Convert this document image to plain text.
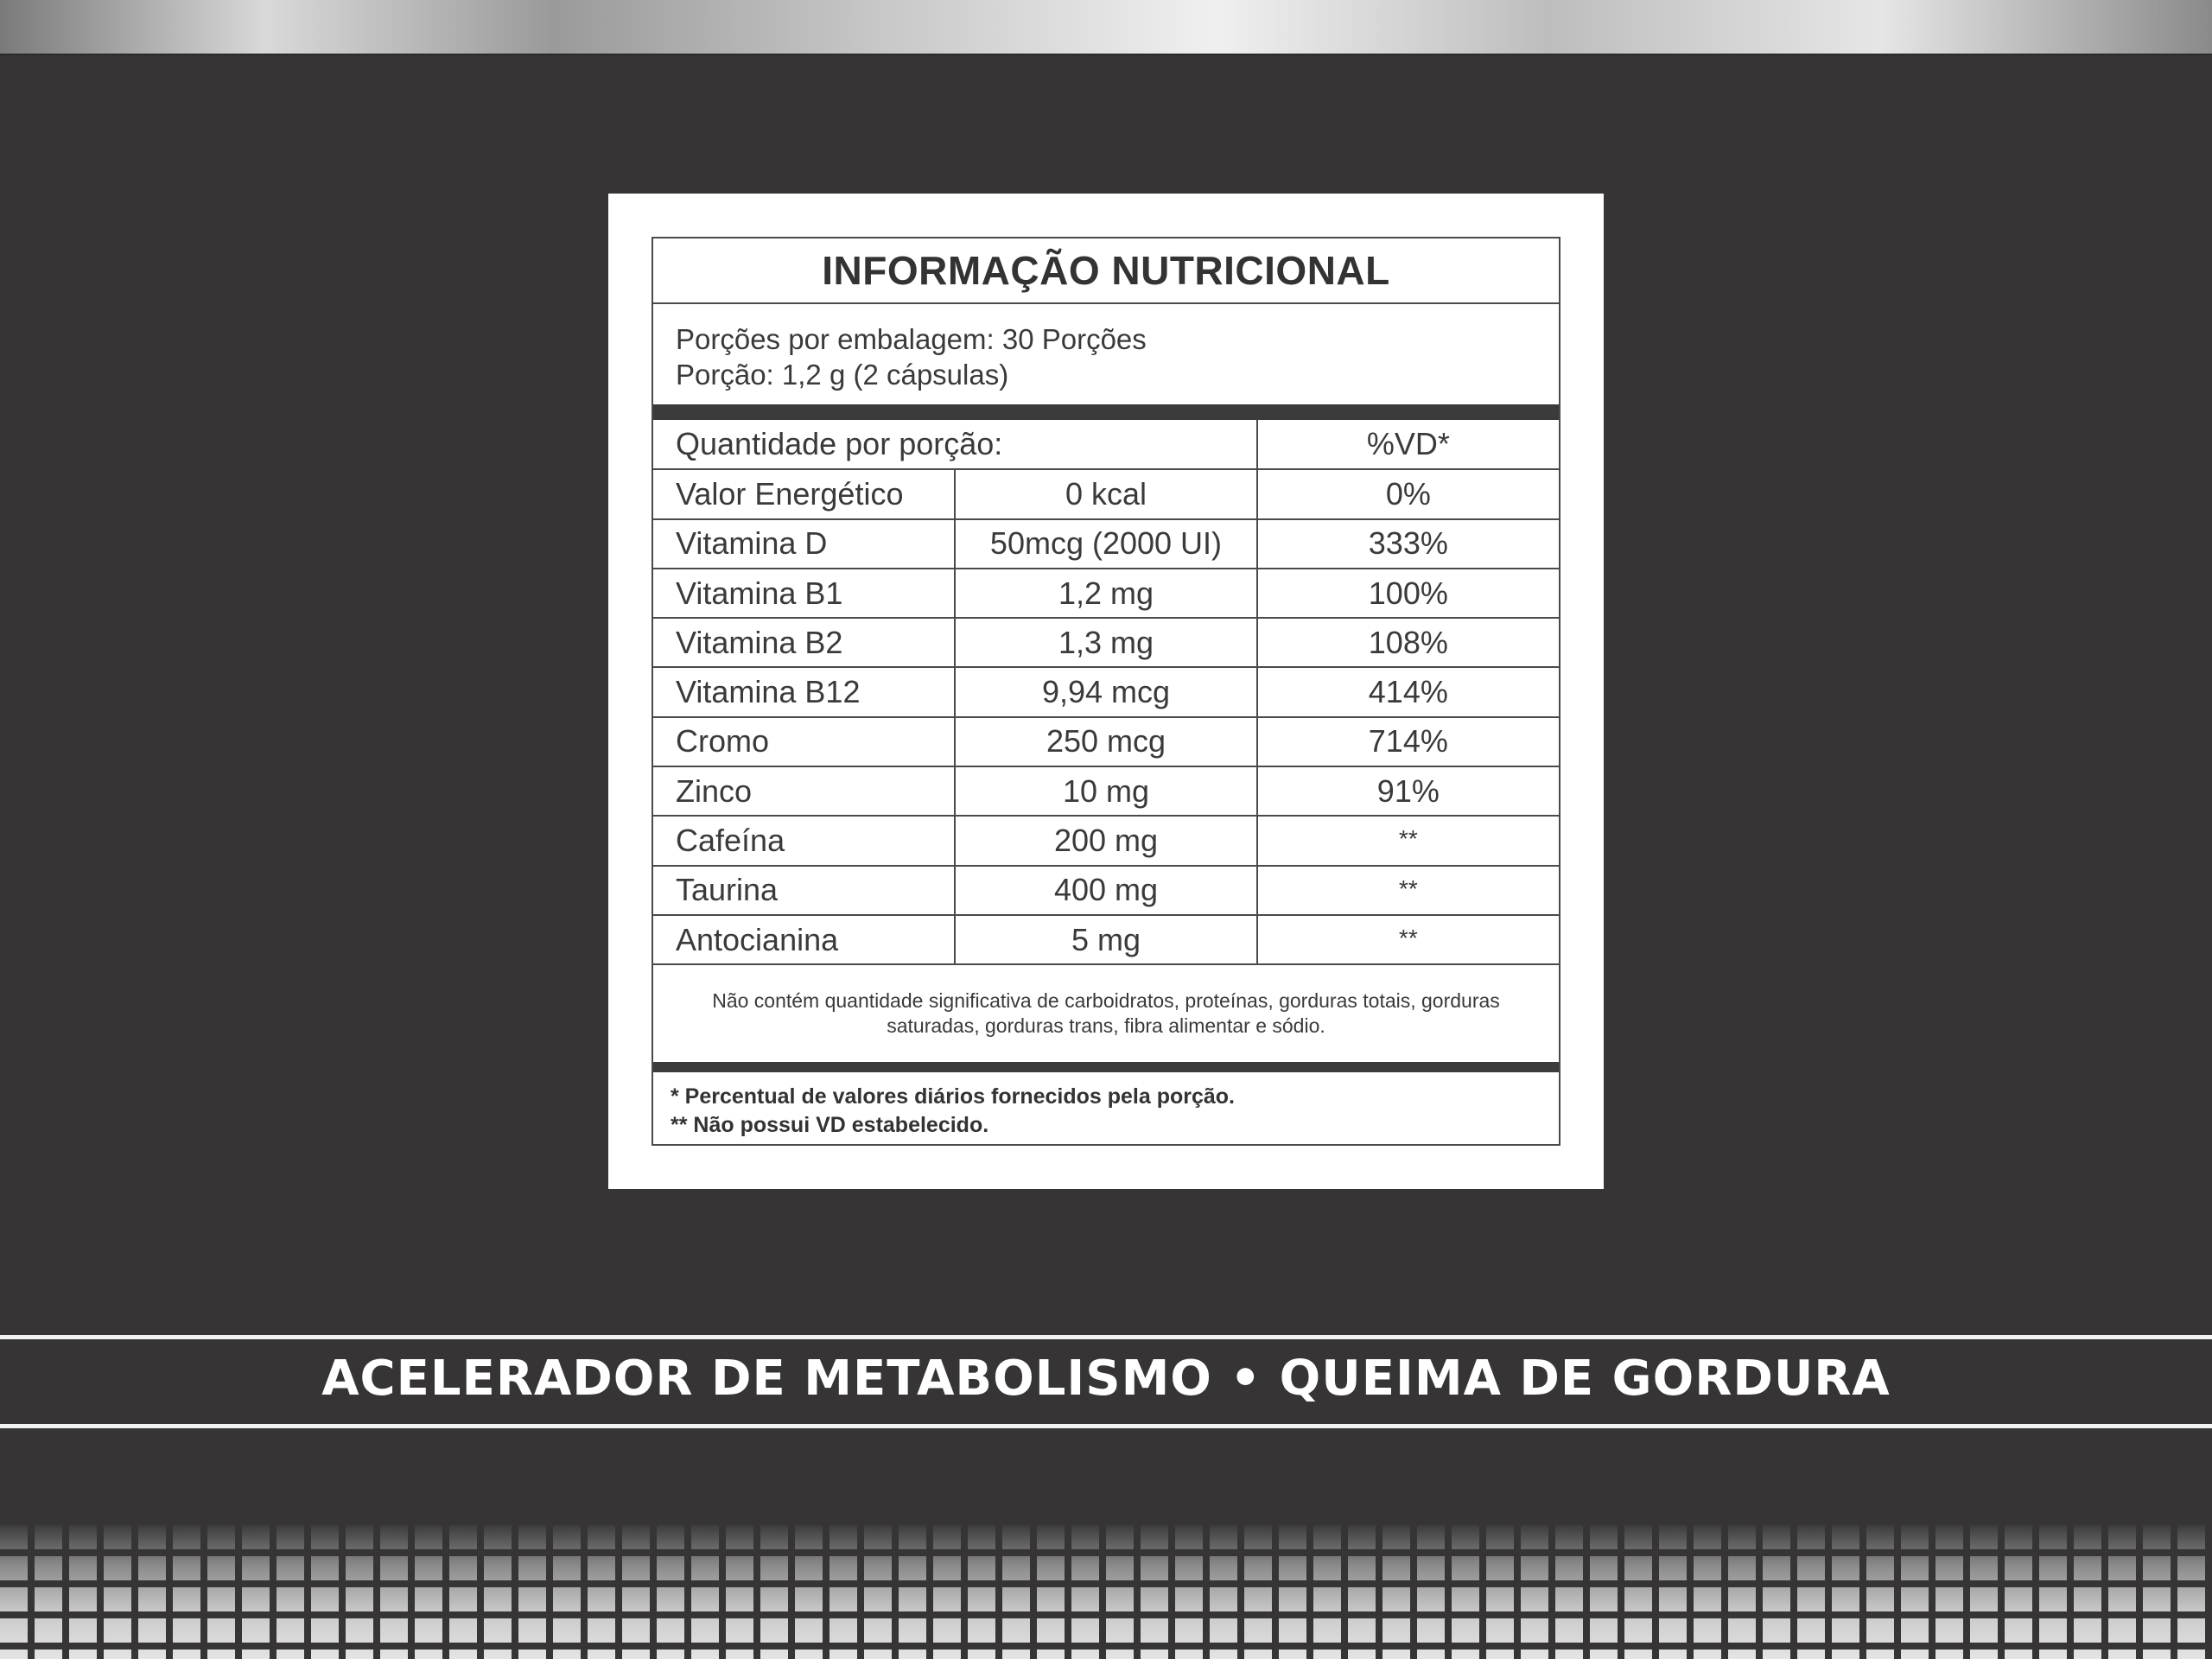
INFORMAÇÃO NUTRICIONAL
Porções por embalagem: 30 Porções
Porção: 1,2 g (2 cápsulas)
Quantidade por porção:		%VD*
Valor Energético	0 kcal	0%
Vitamina D	50mcg (2000 UI)	333%
Vitamina B1	1,2 mg	100%
Vitamina B2	1,3 mg	108%
Vitamina B12	9,94 mcg	414%
Cromo	250 mcg	714%
Zinco	10 mg	91%
Cafeína	200 mg	**
Taurina	400 mg	**
Antocianina	5 mg	**
Não contém quantidade significativa de carboidratos, proteínas, gorduras totais, gorduras saturadas, gorduras trans, fibra alimentar e sódio.
* Percentual de valores diários fornecidos pela porção.
** Não possui VD estabelecido.
ACELERADOR DE METABOLISMO • QUEIMA DE GORDURA
